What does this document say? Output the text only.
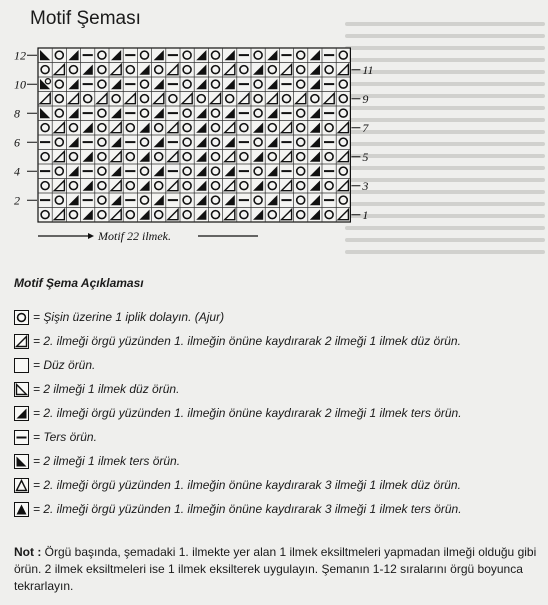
Motif Şeması
12
10
8
6
4
2
11
9
7
5
3
1
Motif 22 ilmek.
Motif Şema Açıklaması
= Şişin üzerine 1 iplik dolayın. (Ajur)
= 2. ilmeği örgü yüzünden 1. ilmeğin önüne kaydırarak 2 ilmeği 1 ilmek düz örün.
= Düz örün.
= 2 ilmeği 1 ilmek düz örün.
= 2. ilmeği örgü yüzünden 1. ilmeğin önüne kaydırarak 2 ilmeği 1 ilmek ters örün.
= Ters örün.
= 2 ilmeği 1 ilmek ters örün.
= 2. ilmeği örgü yüzünden 1. ilmeğin önüne kaydırarak 3 ilmeği 1 ilmek düz örün.
= 2. ilmeği örgü yüzünden 1. ilmeğin önüne kaydırarak 3 ilmeği 1 ilmek ters örün.
Not : Örgü başında, şemadaki 1. ilmekte yer alan 1 ilmek eksiltmeleri yapmadan ilmeği olduğu gibi örün. 2 ilmek eksiltmeleri ise 1 ilmek eksilterek uygulayın. Şemanın 1-12 sıralarını örgü boyunca tekrarlayın.
